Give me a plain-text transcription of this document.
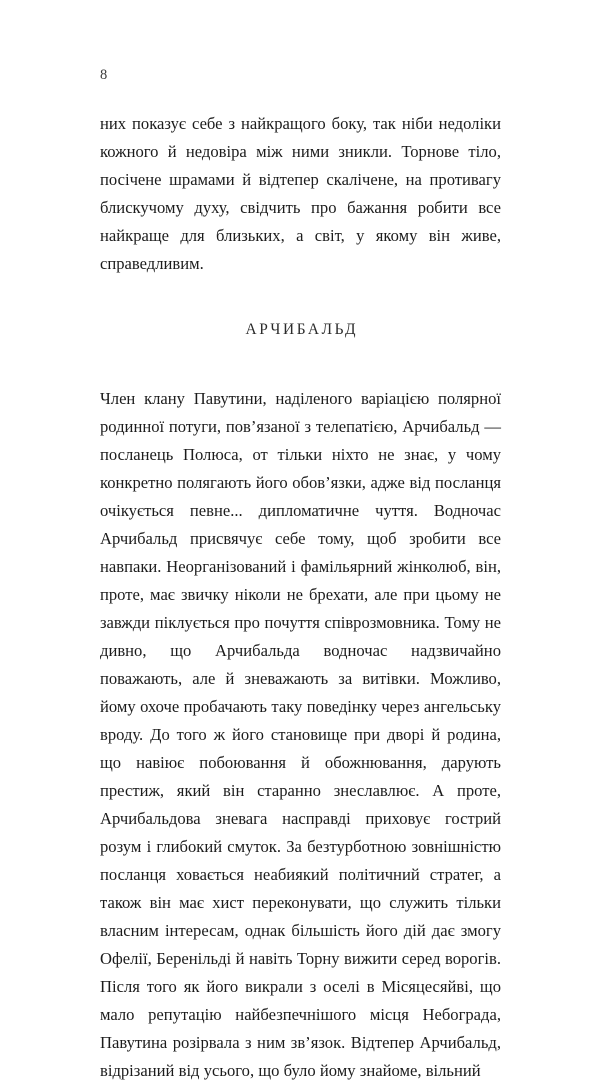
8

них показує себе з найкращого боку, так ніби недоліки кожного й недовіра між ними зникли. Торнове тіло, посічене шрамами й відтепер скалічене, на противагу блискучому духу, свідчить про бажання робити все найкраще для близьких, а світ, у якому він живе, справедливим.

АРЧИБАЛЬД

Член клану Павутини, наділеного варіацією полярної родинної потуги, пов’язаної з телепатією, Арчибальд — посланець Полюса, от тільки ніхто не знає, у чому конкретно полягають його обов’язки, адже від посланця очікується певне... дипломатичне чуття. Водночас Арчибальд присвячує себе тому, щоб зробити все навпаки. Неорганізований і фамільярний жінколюб, він, проте, має звичку ніколи не брехати, але при цьому не завжди піклується про почуття співрозмовника. Тому не дивно, що Арчибальда водночас надзвичайно поважають, але й зневажають за витівки. Можливо, йому охоче пробачають таку поведінку через ангельську вроду. До того ж його становище при дворі й родина, що навіює побоювання й обожнювання, дарують престиж, який він старанно знеславлює. А проте, Арчибальдова зневага насправді приховує гострий розум і глибокий смуток. За безтурботною зовнішністю посланця ховається неабиякий політичний стратег, а також він має хист переконувати, що служить тільки власним інтересам, однак більшість його дій дає змогу Офелії, Беренільді й навіть Торну вижити серед ворогів. Після того як його викрали з оселі в Місяцесяйві, що мало репутацію найбезпечнішого місця Небограда, Павутина розірвала з ним зв’язок. Відтепер Арчибальд, відрізаний від усього, що було йому знайоме, вільний
